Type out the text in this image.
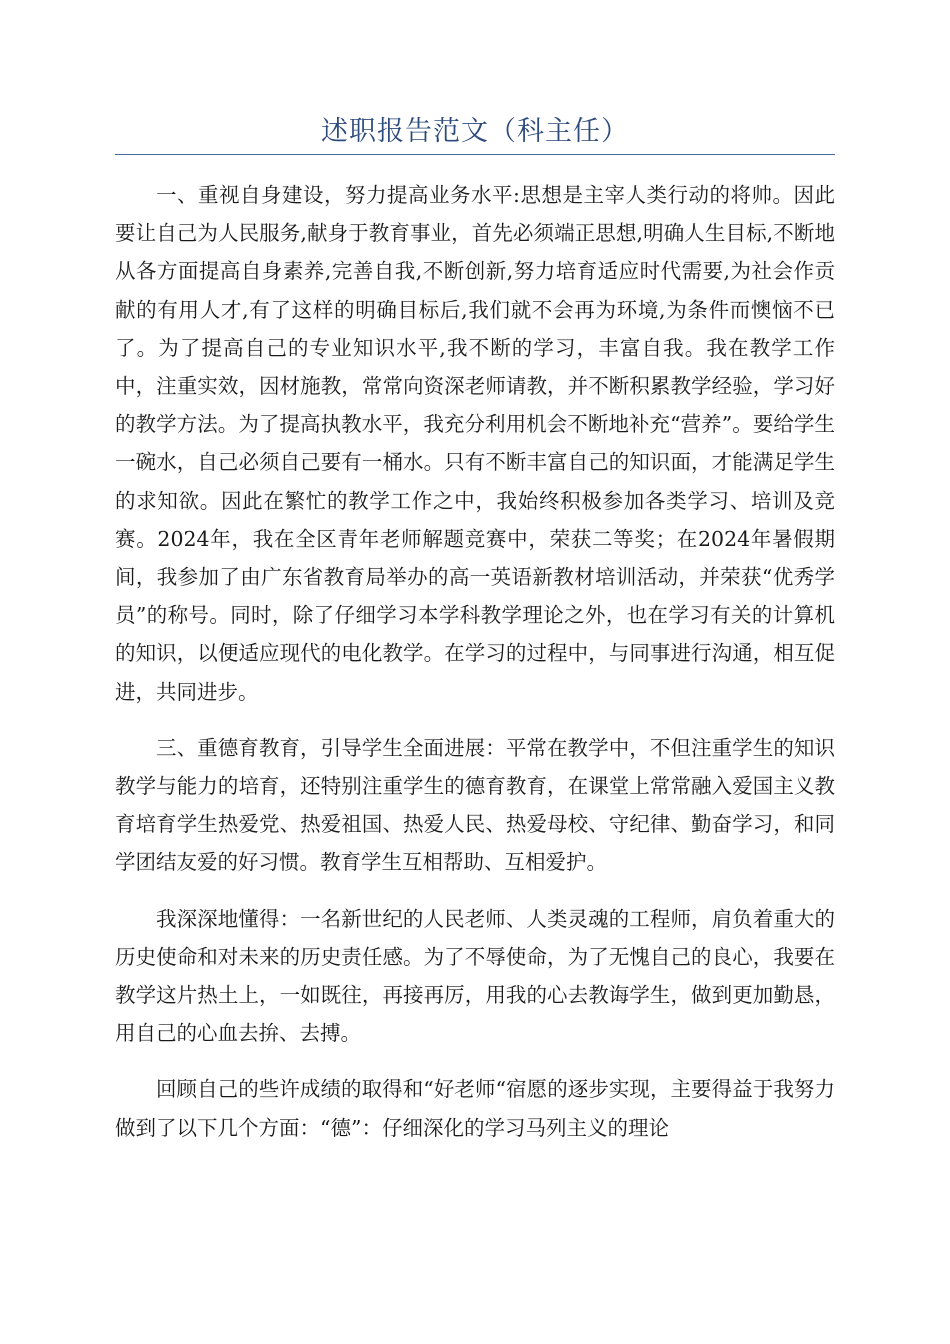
述职报告范文（科主任）

一、重视自身建设，努力提高业务水平:思想是主宰人类行动的将帅。因此要让自己为人民服务,献身于教育事业，首先必须端正思想,明确人生目标,不断地从各方面提高自身素养,完善自我,不断创新,努力培育适应时代需要,为社会作贡献的有用人才,有了这样的明确目标后,我们就不会再为环境,为条件而懊恼不已了。为了提高自己的专业知识水平,我不断的学习，丰富自我。我在教学工作中，注重实效，因材施教，常常向资深老师请教，并不断积累教学经验，学习好的教学方法。为了提高执教水平，我充分利用机会不断地补充“营养”。要给学生一碗水，自己必须自己要有一桶水。只有不断丰富自己的知识面，才能满足学生的求知欲。因此在繁忙的教学工作之中，我始终积极参加各类学习、培训及竞赛。2024年，我在全区青年老师解题竞赛中，荣获二等奖；在2024年暑假期间，我参加了由广东省教育局举办的高一英语新教材培训活动，并荣获“优秀学员”的称号。同时，除了仔细学习本学科教学理论之外，也在学习有关的计算机的知识，以便适应现代的电化教学。在学习的过程中，与同事进行沟通，相互促进，共同进步。

三、重德育教育，引导学生全面进展：平常在教学中，不但注重学生的知识教学与能力的培育，还特别注重学生的德育教育，在课堂上常常融入爱国主义教育培育学生热爱党、热爱祖国、热爱人民、热爱母校、守纪律、勤奋学习，和同学团结友爱的好习惯。教育学生互相帮助、互相爱护。

我深深地懂得：一名新世纪的人民老师、人类灵魂的工程师，肩负着重大的历史使命和对未来的历史责任感。为了不辱使命，为了无愧自己的良心，我要在教学这片热土上，一如既往，再接再厉，用我的心去教诲学生，做到更加勤恳，用自己的心血去拚、去搏。

回顾自己的些许成绩的取得和“好老师“宿愿的逐步实现，主要得益于我努力做到了以下几个方面：“德”：仔细深化的学习马列主义的理论
